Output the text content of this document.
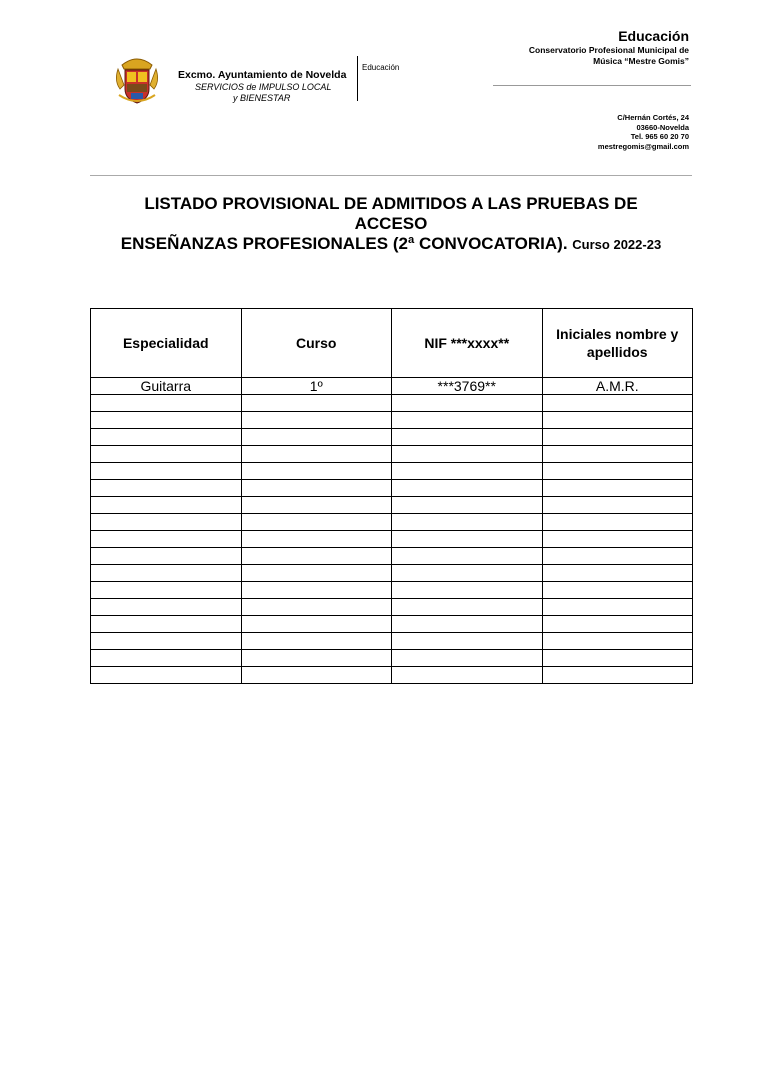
Excmo. Ayuntamiento de Novelda
SERVICIOS de IMPULSO LOCAL
y BIENESTAR
Educación
Educación
Conservatorio Profesional Municipal de
Música “Mestre Gomis”
C/Hernán Cortés, 24
03660-Novelda
Tel. 965 60 20 70
mestregomis@gmail.com
LISTADO PROVISIONAL DE ADMITIDOS A LAS PRUEBAS DE
ACCESO
ENSEÑANZAS PROFESIONALES (2ª CONVOCATORIA). Curso 2022-23
Especialidad	Curso	NIF ***xxxx**	Iniciales nombre y apellidos
Guitarra	1º	***3769**	A.M.R.
